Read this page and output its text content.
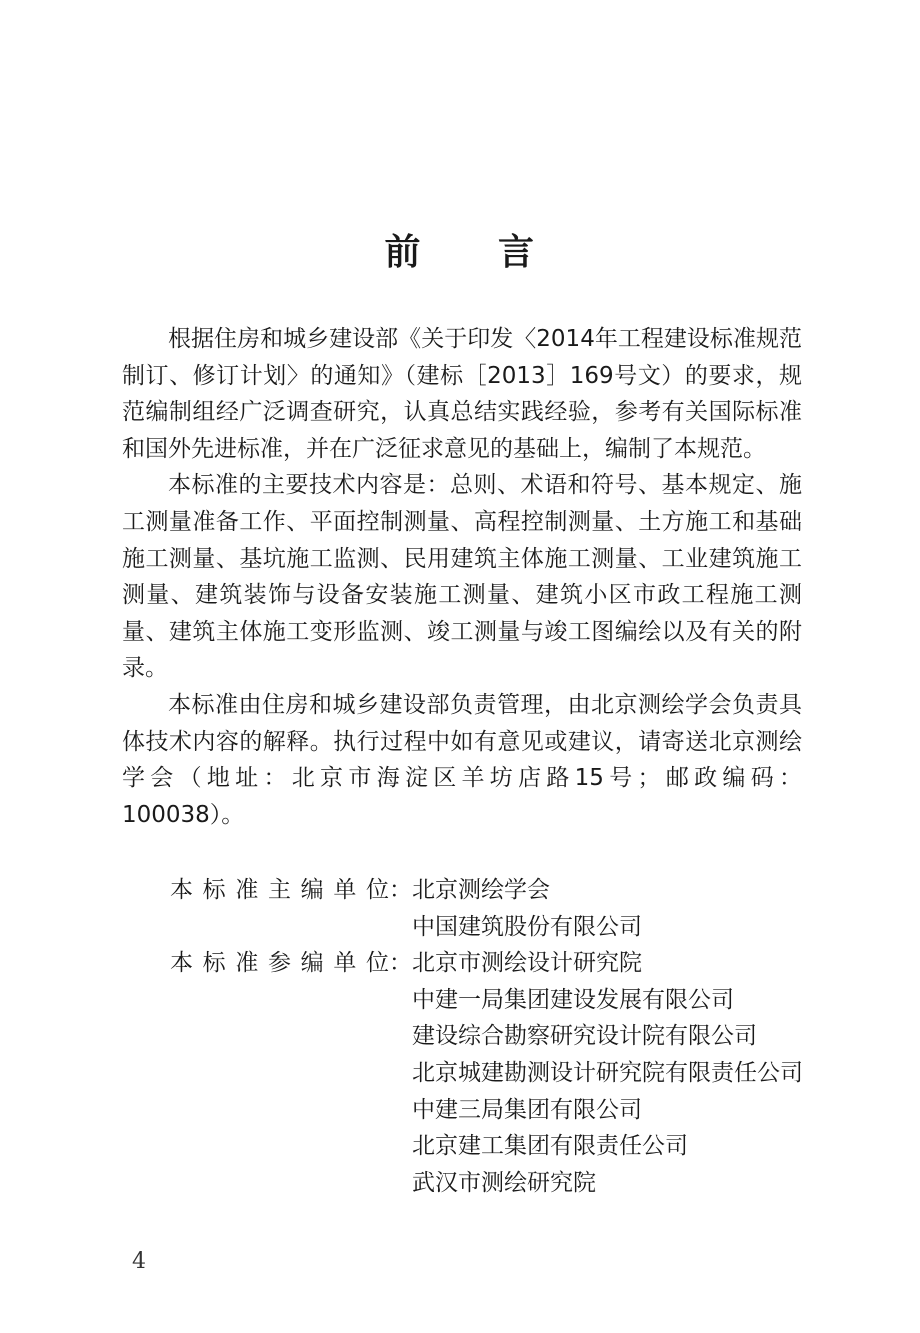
前 言

根据住房和城乡建设部《关于印发〈2014年工程建设标准规范制订、修订计划〉的通知》（建标［2013］169号文）的要求，规范编制组经广泛调查研究，认真总结实践经验，参考有关国际标准和国外先进标准，并在广泛征求意见的基础上，编制了本规范。

本标准的主要技术内容是：总则、术语和符号、基本规定、施工测量准备工作、平面控制测量、高程控制测量、土方施工和基础施工测量、基坑施工监测、民用建筑主体施工测量、工业建筑施工测量、建筑装饰与设备安装施工测量、建筑小区市政工程施工测量、建筑主体施工变形监测、竣工测量与竣工图编绘以及有关的附录。

本标准由住房和城乡建设部负责管理，由北京测绘学会负责具体技术内容的解释。执行过程中如有意见或建议，请寄送北京测绘学会（地址：北京市海淀区羊坊店路15号；邮政编码：100038）。

本标准主编单位 ： 北京测绘学会
中国建筑股份有限公司
本标准参编单位 ： 北京市测绘设计研究院
中建一局集团建设发展有限公司
建设综合勘察研究设计院有限公司
北京城建勘测设计研究院有限责任公司
中建三局集团有限公司
北京建工集团有限责任公司
武汉市测绘研究院
4
